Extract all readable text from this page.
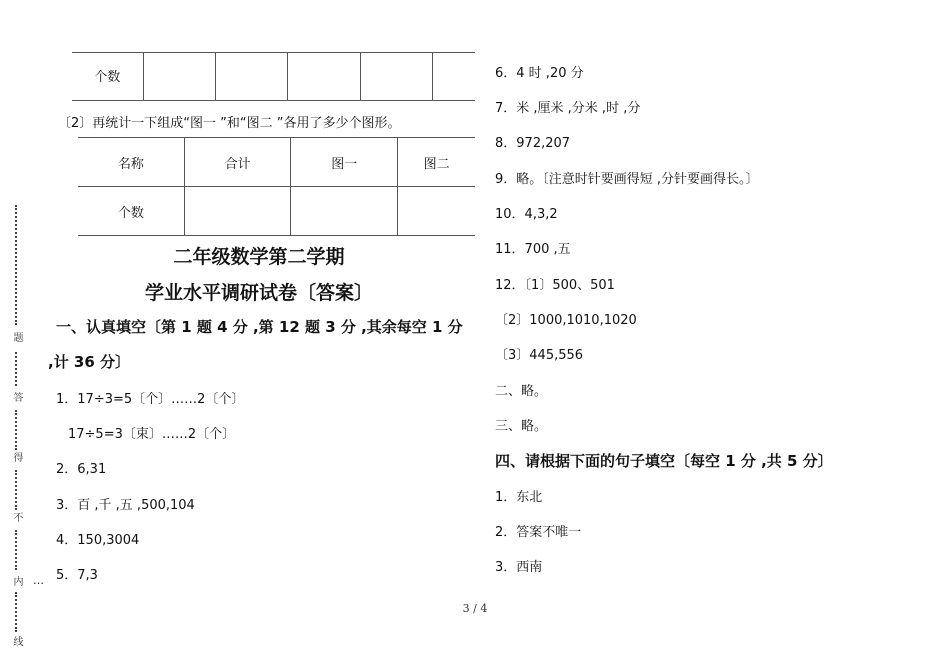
题
答
得
不
内
线
…
个数					
〔2〕再统计一下组成“图一 ”和“图二 ”各用了多少个图形。
名称	合计	图一	图二
个数			
二年级数学第二学期
学业水平调研试卷〔答案〕
一、认真填空〔第 1 题 4 分 ,第 12 题 3 分 ,其余每空 1 分
,计 36 分〕
1．17÷3=5〔个〕……2〔个〕
17÷5=3〔束〕……2〔个〕
2．6,31
3．百 ,千 ,五 ,500,104
4．150,3004
5．7,3
6．4 时 ,20 分
7．米 ,厘米 ,分米 ,时 ,分
8．972,207
9．略。〔注意时针要画得短 ,分针要画得长。〕
10．4,3,2
11．700 ,五
12．〔1〕500、501
〔2〕1000,1010,1020
〔3〕445,556
二、略。
三、略。
四、请根据下面的句子填空〔每空 1 分 ,共 5 分〕
1．东北
2．答案不唯一
3．西南
3 / 4
